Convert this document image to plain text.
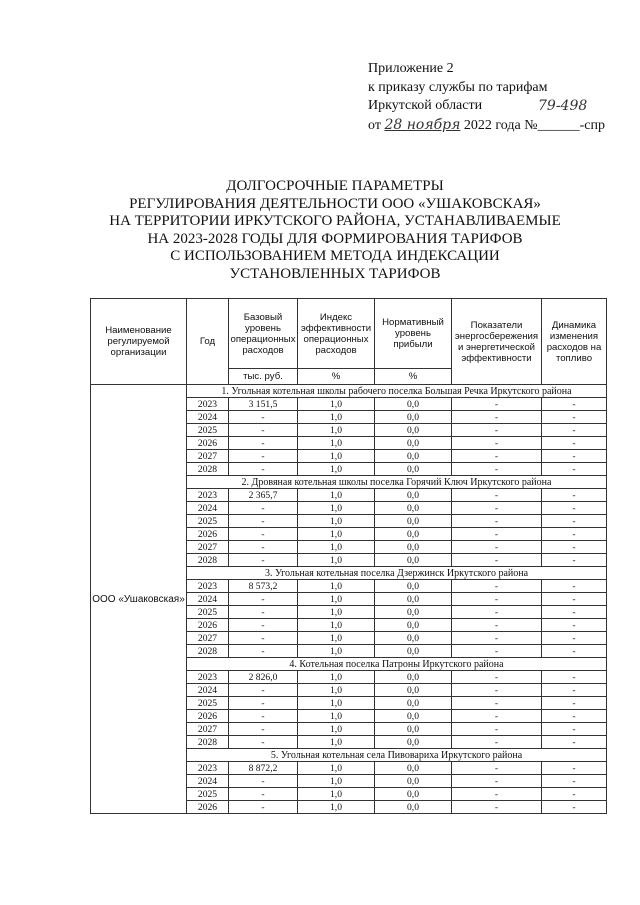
Приложение 2
к приказу службы по тарифам
Иркутской области	79-498
от 28 ноября 2022 года №______-спр
ДОЛГОСРОЧНЫЕ ПАРАМЕТРЫ
РЕГУЛИРОВАНИЯ ДЕЯТЕЛЬНОСТИ ООО «УШАКОВСКАЯ»
НА ТЕРРИТОРИИ ИРКУТСКОГО РАЙОНА, УСТАНАВЛИВАЕМЫЕ
НА 2023-2028 ГОДЫ ДЛЯ ФОРМИРОВАНИЯ ТАРИФОВ
С ИСПОЛЬЗОВАНИЕМ МЕТОДА ИНДЕКСАЦИИ
УСТАНОВЛЕННЫХ ТАРИФОВ
Наименование регулируемой организации	Год	Базовый уровень операционных расходов	Индекс эффективности операционных расходов	Нормативный уровень прибыли	Показатели энергосбережения и энергетической эффективности	Динамика изменения расходов на топливо
		тыс. руб.	%	%		
ООО «Ушаковская»	1. Угольная котельная школы рабочего поселка Большая Речка Иркутского района					
	2023	3 151,5	1,0	0,0	-	-
	2024	-	1,0	0,0	-	-
	2025	-	1,0	0,0	-	-
	2026	-	1,0	0,0	-	-
	2027	-	1,0	0,0	-	-
	2028	-	1,0	0,0	-	-
	2. Дровяная котельная школы поселка Горячий Ключ Иркутского района					
	2023	2 365,7	1,0	0,0	-	-
	2024	-	1,0	0,0	-	-
	2025	-	1,0	0,0	-	-
	2026	-	1,0	0,0	-	-
	2027	-	1,0	0,0	-	-
	2028	-	1,0	0,0	-	-
	3. Угольная котельная поселка Дзержинск Иркутского района					
	2023	8 573,2	1,0	0,0	-	-
	2024	-	1,0	0,0	-	-
	2025	-	1,0	0,0	-	-
	2026	-	1,0	0,0	-	-
	2027	-	1,0	0,0	-	-
	2028	-	1,0	0,0	-	-
	4. Котельная поселка Патроны Иркутского района					
	2023	2 826,0	1,0	0,0	-	-
	2024	-	1,0	0,0	-	-
	2025	-	1,0	0,0	-	-
	2026	-	1,0	0,0	-	-
	2027	-	1,0	0,0	-	-
	2028	-	1,0	0,0	-	-
	5. Угольная котельная села Пивовариха Иркутского района					
	2023	8 872,2	1,0	0,0	-	-
	2024	-	1,0	0,0	-	-
	2025	-	1,0	0,0	-	-
	2026	-	1,0	0,0	-	-
